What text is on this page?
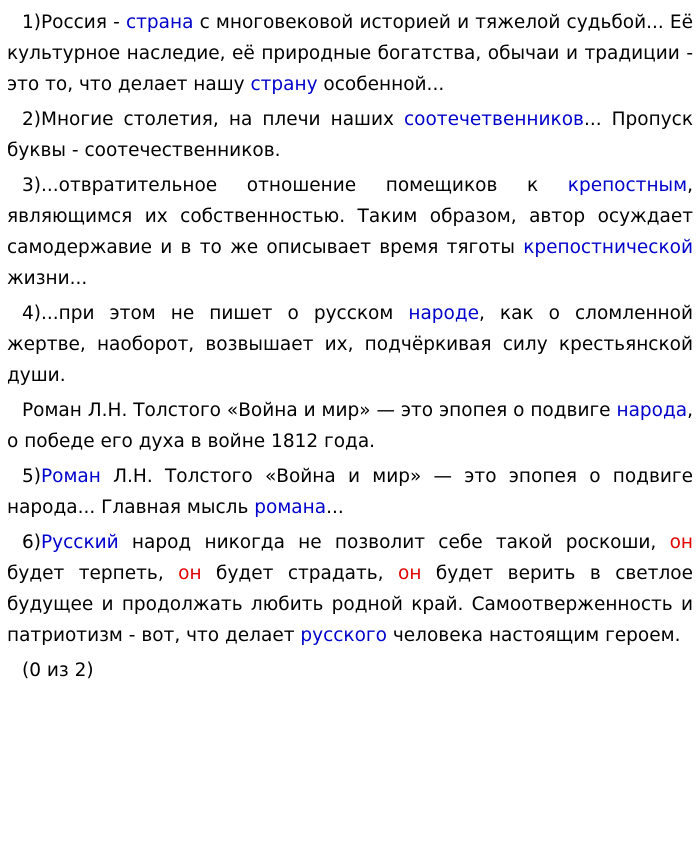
1)Россия - страна с многовековой историей и тяжелой судьбой... Её культурное наследие, её природные богатства, обычаи и традиции - это то, что делает нашу страну особенной...

2)Многие столетия, на плечи наших соотечетвенников... Пропуск буквы - соотечественников.

3)...отвратительное отношение помещиков к крепостным, являющимся их собственностью. Таким образом, автор осуждает самодержавие и в то же описывает время тяготы крепостнической жизни...

4)...при этом не пишет о русском народе, как о сломленной жертве, наоборот, возвышает их, подчёркивая силу крестьянской души.

Роман Л.Н. Толстого «Война и мир» — это эпопея о подвиге народа, о победе его духа в войне 1812 года.

5)Роман Л.Н. Толстого «Война и мир» — это эпопея о подвиге народа... Главная мысль романа...

6)Русский народ никогда не позволит себе такой роскоши, он будет терпеть, он будет страдать, он будет верить в светлое будущее и продолжать любить родной край. Самоотверженность и патриотизм - вот, что делает русского человека настоящим героем.

(0 из 2)
